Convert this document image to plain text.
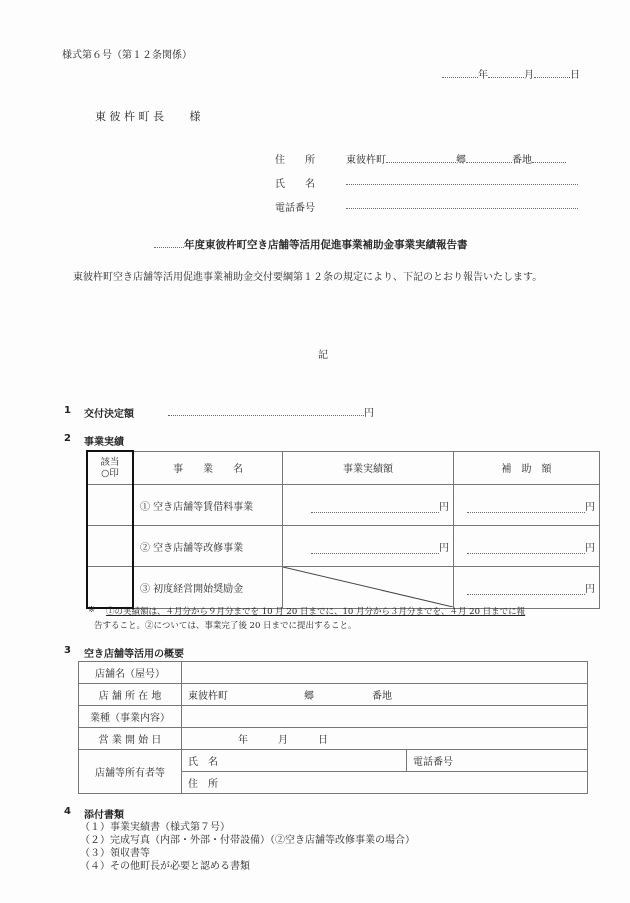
様式第６号（第１２条関係）
年	月	日
東 彼 杵 町 長　　 様
住　　所	東彼杵町	郷	番地
氏　　名
電話番号
年度東彼杵町空き店舗等活用促進事業補助金事業実績報告書
東彼杵町空き店舗等活用促進事業補助金交付要綱第１２条の規定により、下記のとおり報告いたします。
記
1 交付決定額	円
2 事業実績
該当
○印	事　　業　　名	事業実績額	補　助　額
	① 空き店舗等賃借料事業	円	円

	② 空き店舗等改修事業	円	円

	③ 初度経営開始奨励金		円
※ ①の実績額は、４月分から９月分までを 10 月 20 日までに、10 月分から３月分までを、４月 20 日までに報
告すること。②については、事業完了後 20 日までに提出すること。
3 空き店舗等活用の概要
店舗名（屋号）		
店 舗 所 在 地	東彼杵町 郷 番地	
業種（事業内容）		
営 業 開 始 日	年 月 日	
店舗等所有者等	氏　名	電話番号
	住　所	
4 添付書類
（１）事業実績書（様式第７号）
（２）完成写真（内部・外部・付帯設備）（②空き店舗等改修事業の場合）
（３）領収書等
（４）その他町長が必要と認める書類
